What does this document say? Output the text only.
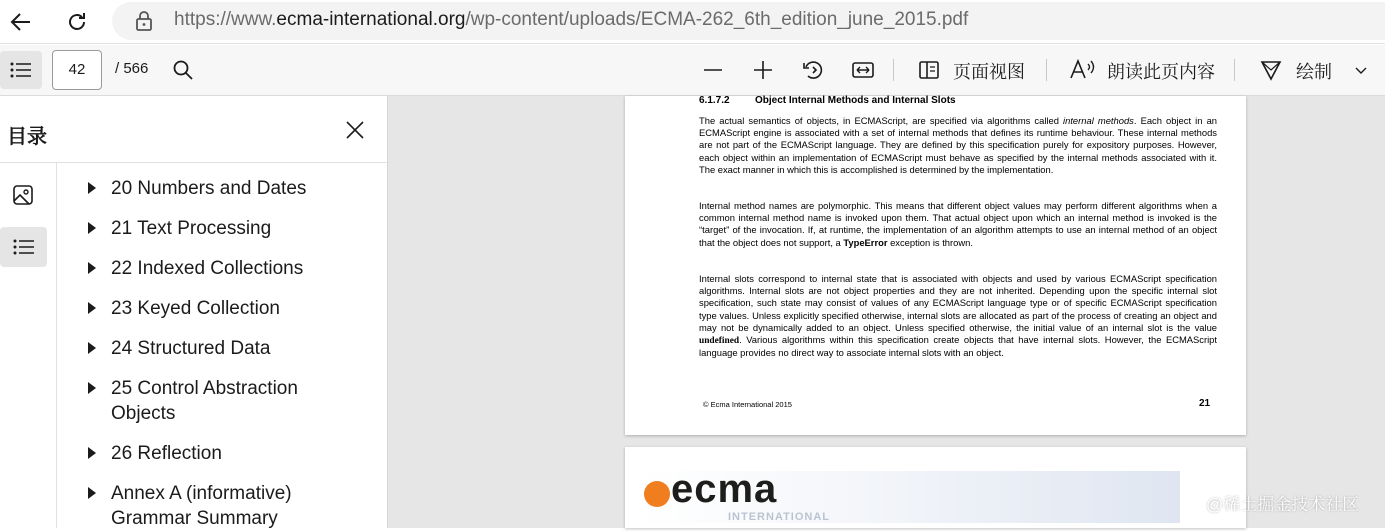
https://www.ecma-international.org/wp-content/uploads/ECMA-262_6th_edition_june_2015.pdf
42	/ 566	页面视图	朗读此页内容	绘制
目录
20 Numbers and Dates
21 Text Processing
22 Indexed Collections
23 Keyed Collection
24 Structured Data
25 Control Abstraction Objects
26 Reflection
Annex A (informative) Grammar Summary
6.1.7.2	Object Internal Methods and Internal Slots
The actual semantics of objects, in ECMAScript, are specified via algorithms called internal methods. Each object in an ECMAScript engine is associated with a set of internal methods that defines its runtime behaviour. These internal methods are not part of the ECMAScript language. They are defined by this specification purely for expository purposes. However, each object within an implementation of ECMAScript must behave as specified by the internal methods associated with it. The exact manner in which this is accomplished is determined by the implementation.
Internal method names are polymorphic. This means that different object values may perform different algorithms when a common internal method name is invoked upon them. That actual object upon which an internal method is invoked is the “target” of the invocation. If, at runtime, the implementation of an algorithm attempts to use an internal method of an object that the object does not support, a TypeError exception is thrown.
Internal slots correspond to internal state that is associated with objects and used by various ECMAScript specification algorithms. Internal slots are not object properties and they are not inherited. Depending upon the specific internal slot specification, such state may consist of values of any ECMAScript language type or of specific ECMAScript specification type values. Unless explicitly specified otherwise, internal slots are allocated as part of the process of creating an object and may not be dynamically added to an object. Unless specified otherwise, the initial value of an internal slot is the value undefined. Various algorithms within this specification create objects that have internal slots. However, the ECMAScript language provides no direct way to associate internal slots with an object.
© Ecma International 2015	21
ecma
INTERNATIONAL
@稀土掘金技术社区
